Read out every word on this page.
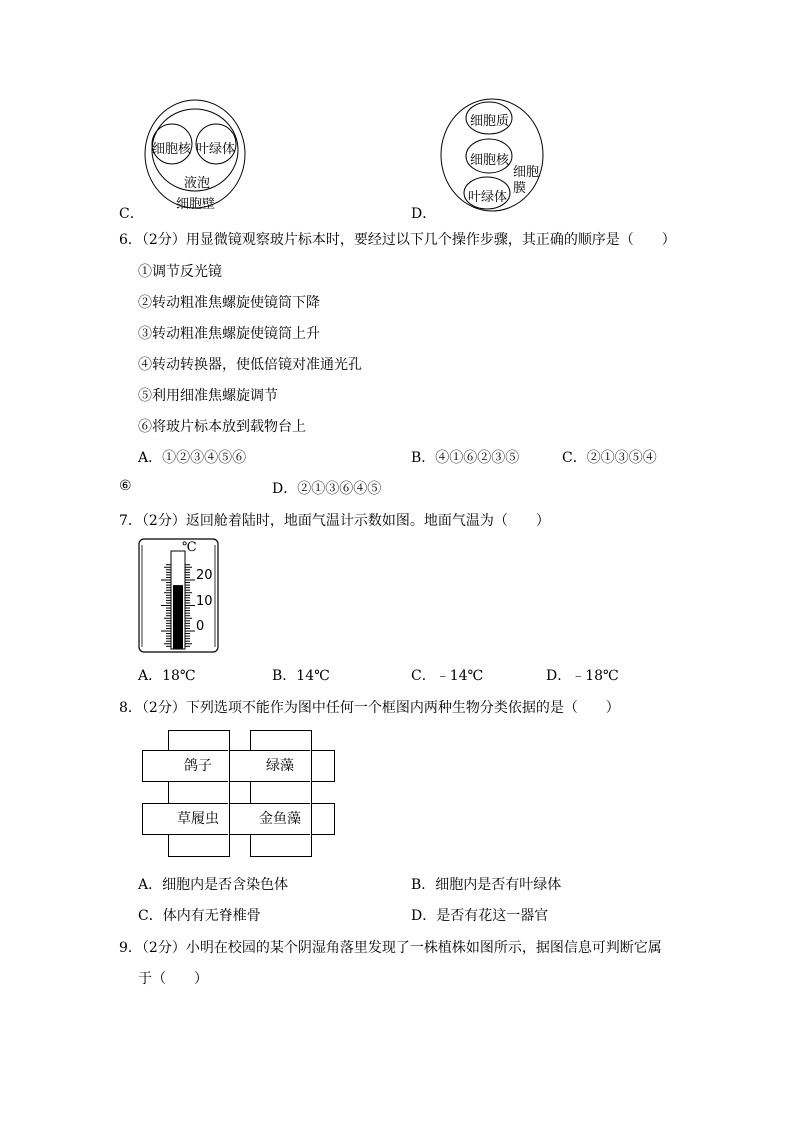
细胞核 叶绿体
液泡
细胞壁
C．
细胞质
细胞核
叶绿体
细胞
膜
D．
6．（2分）用显微镜观察玻片标本时，要经过以下几个操作步骤，其正确的顺序是（　　）
①调节反光镜
②转动粗准焦螺旋使镜筒下降
③转动粗准焦螺旋使镜筒上升
④转动转换器，使低倍镜对准通光孔
⑤利用细准焦螺旋调节
⑥将玻片标本放到载物台上
A．①②③④⑤⑥	B．④①⑥②③⑤	C．②①③⑤④
⑥	D．②①③⑥④⑤
7．（2分）返回舱着陆时，地面气温计示数如图。地面气温为（　　）
℃
20
10
0
A．18℃	B．14℃	C．﹣14℃	D．﹣18℃
8．（2分）下列选项不能作为图中任何一个框图内两种生物分类依据的是（　　）
鸽子	绿藻
草履虫	金鱼藻
A．细胞内是否含染色体	B．细胞内是否有叶绿体
C．体内有无脊椎骨	D．是否有花这一器官
9．（2分）小明在校园的某个阴湿角落里发现了一株植株如图所示，据图信息可判断它属
于（　　）
